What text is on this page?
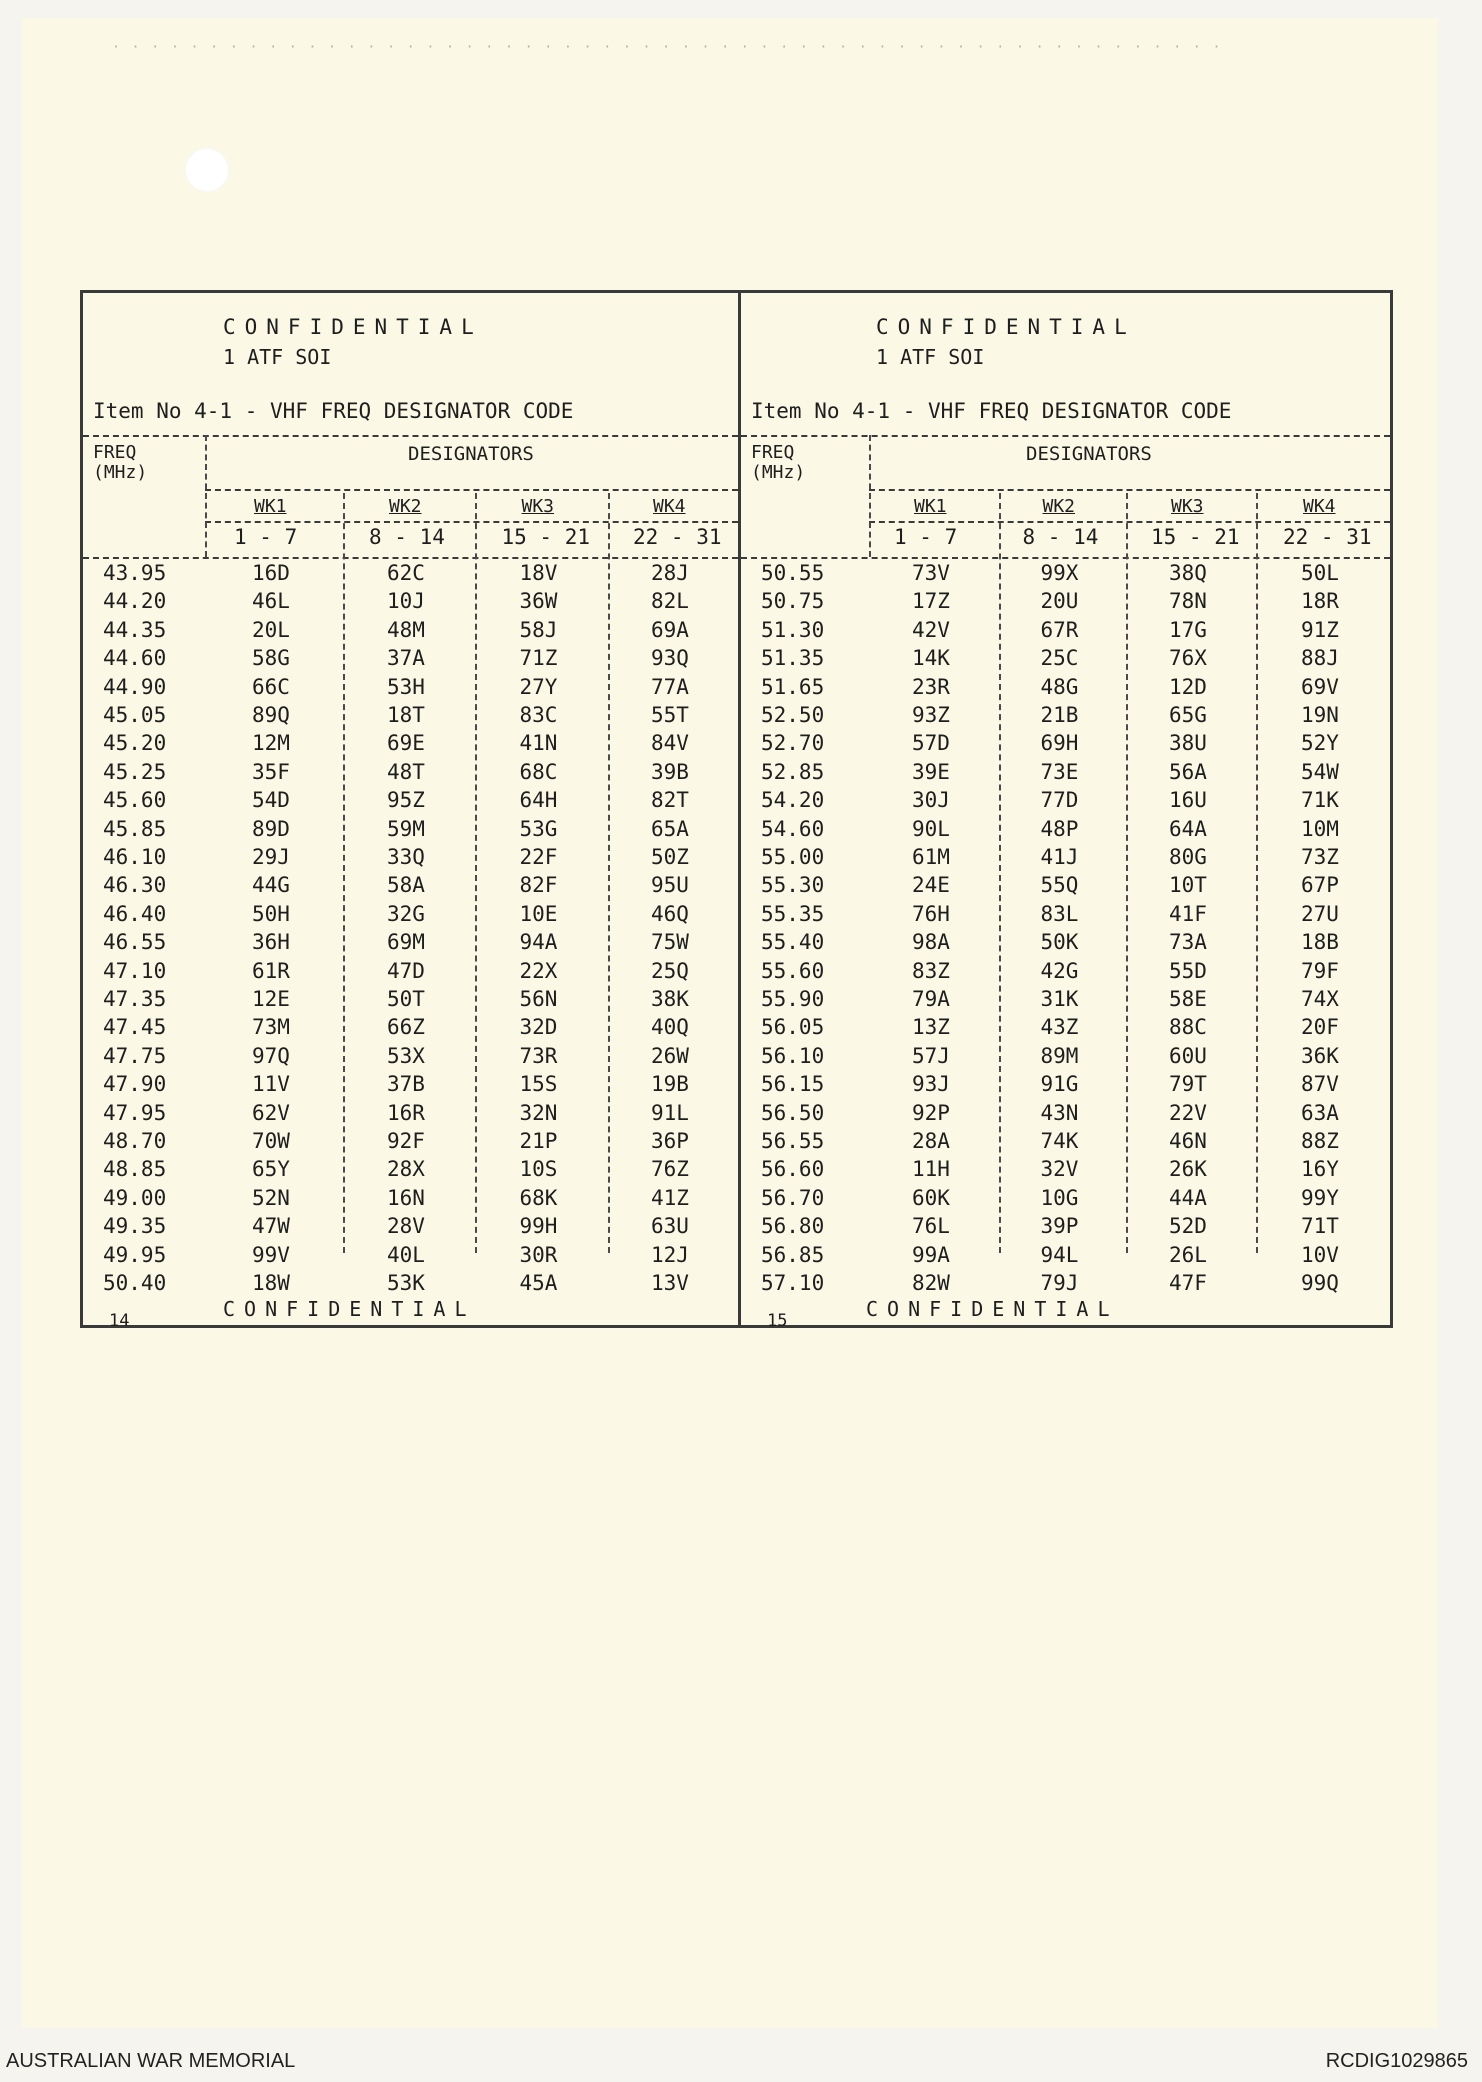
· · · · · · · · · · · · · · · · · · · · · · · · · · · · · · · · · · · · · · · · · · · · · · · · · · · · · · · · ·
CONFIDENTIAL
1 ATF SOI
Item No 4-1 - VHF FREQ DESIGNATOR CODE
FREQ (MHz)
DESIGNATORS
WK1
1 - 7
WK2
8 - 14
WK3
15 - 21
WK4
22 - 31
43.95	16D	62C	18V	28J
44.20	46L	10J	36W	82L
44.35	20L	48M	58J	69A
44.60	58G	37A	71Z	93Q
44.90	66C	53H	27Y	77A
45.05	89Q	18T	83C	55T
45.20	12M	69E	41N	84V
45.25	35F	48T	68C	39B
45.60	54D	95Z	64H	82T
45.85	89D	59M	53G	65A
46.10	29J	33Q	22F	50Z
46.30	44G	58A	82F	95U
46.40	50H	32G	10E	46Q
46.55	36H	69M	94A	75W
47.10	61R	47D	22X	25Q
47.35	12E	50T	56N	38K
47.45	73M	66Z	32D	40Q
47.75	97Q	53X	73R	26W
47.90	11V	37B	15S	19B
47.95	62V	16R	32N	91L
48.70	70W	92F	21P	36P
48.85	65Y	28X	10S	76Z
49.00	52N	16N	68K	41Z
49.35	47W	28V	99H	63U
49.95	99V	40L	30R	12J
50.40	18W	53K	45A	13V
CONFIDENTIAL
14
CONFIDENTIAL
1 ATF SOI
Item No 4-1 - VHF FREQ DESIGNATOR CODE
FREQ (MHz)
DESIGNATORS
WK1
1 - 7
WK2
8 - 14
WK3
15 - 21
WK4
22 - 31
50.55	73V	99X	38Q	50L
50.75	17Z	20U	78N	18R
51.30	42V	67R	17G	91Z
51.35	14K	25C	76X	88J
51.65	23R	48G	12D	69V
52.50	93Z	21B	65G	19N
52.70	57D	69H	38U	52Y
52.85	39E	73E	56A	54W
54.20	30J	77D	16U	71K
54.60	90L	48P	64A	10M
55.00	61M	41J	80G	73Z
55.30	24E	55Q	10T	67P
55.35	76H	83L	41F	27U
55.40	98A	50K	73A	18B
55.60	83Z	42G	55D	79F
55.90	79A	31K	58E	74X
56.05	13Z	43Z	88C	20F
56.10	57J	89M	60U	36K
56.15	93J	91G	79T	87V
56.50	92P	43N	22V	63A
56.55	28A	74K	46N	88Z
56.60	11H	32V	26K	16Y
56.70	60K	10G	44A	99Y
56.80	76L	39P	52D	71T
56.85	99A	94L	26L	10V
57.10	82W	79J	47F	99Q
CONFIDENTIAL
15
AUSTRALIAN WAR MEMORIAL	RCDIG1029865
